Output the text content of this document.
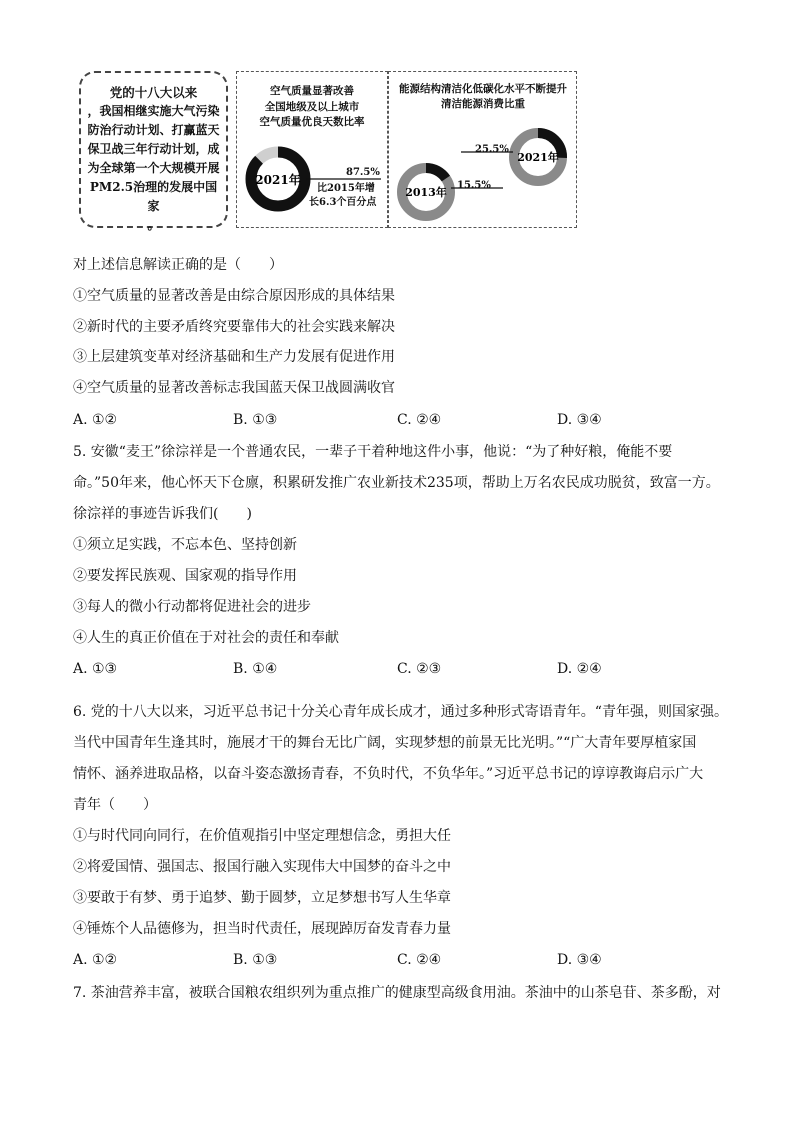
党的十八大以来
，我国相继实施大气污染
防治行动计划、打赢蓝天
保卫战三年行动计划，成
为全球第一个大规模开展
PM2.5治理的发展中国家
。
空气质量显著改善
全国地级及以上城市
空气质量优良天数比率
2021年
87.5%
比2015年增
长6.3个百分点
能源结构清洁化低碳化水平不断提升
清洁能源消费比重
2021年
2013年
25.5%
15.5%
对上述信息解读正确的是（　　）
①空气质量的显著改善是由综合原因形成的具体结果
②新时代的主要矛盾终究要靠伟大的社会实践来解决
③上层建筑变革对经济基础和生产力发展有促进作用
④空气质量的显著改善标志我国蓝天保卫战圆满收官
A. ①②	B. ①③	C. ②④	D. ③④
5. 安徽“麦王”徐淙祥是一个普通农民，一辈子干着种地这件小事，他说：“为了种好粮，俺能不要
命。”50年来，他心怀天下仓廪，积累研发推广农业新技术235项，帮助上万名农民成功脱贫，致富一方。
徐淙祥的事迹告诉我们(　　)
①须立足实践，不忘本色、坚持创新
②要发挥民族观、国家观的指导作用
③每人的微小行动都将促进社会的进步
④人生的真正价值在于对社会的责任和奉献
A. ①③	B. ①④	C. ②③	D. ②④
6. 党的十八大以来，习近平总书记十分关心青年成长成才，通过多种形式寄语青年。“青年强，则国家强。
当代中国青年生逢其时，施展才干的舞台无比广阔，实现梦想的前景无比光明。”“广大青年要厚植家国
情怀、涵养进取品格，以奋斗姿态激扬青春，不负时代，不负华年。”习近平总书记的谆谆教诲启示广大
青年（　　）
①与时代同向同行，在价值观指引中坚定理想信念，勇担大任
②将爱国情、强国志、报国行融入实现伟大中国梦的奋斗之中
③要敢于有梦、勇于追梦、勤于圆梦，立足梦想书写人生华章
④锤炼个人品德修为，担当时代责任，展现踔厉奋发青春力量
A. ①②	B. ①③	C. ②④	D. ③④
7. 茶油营养丰富，被联合国粮农组织列为重点推广的健康型高级食用油。茶油中的山茶皂苷、茶多酚，对
